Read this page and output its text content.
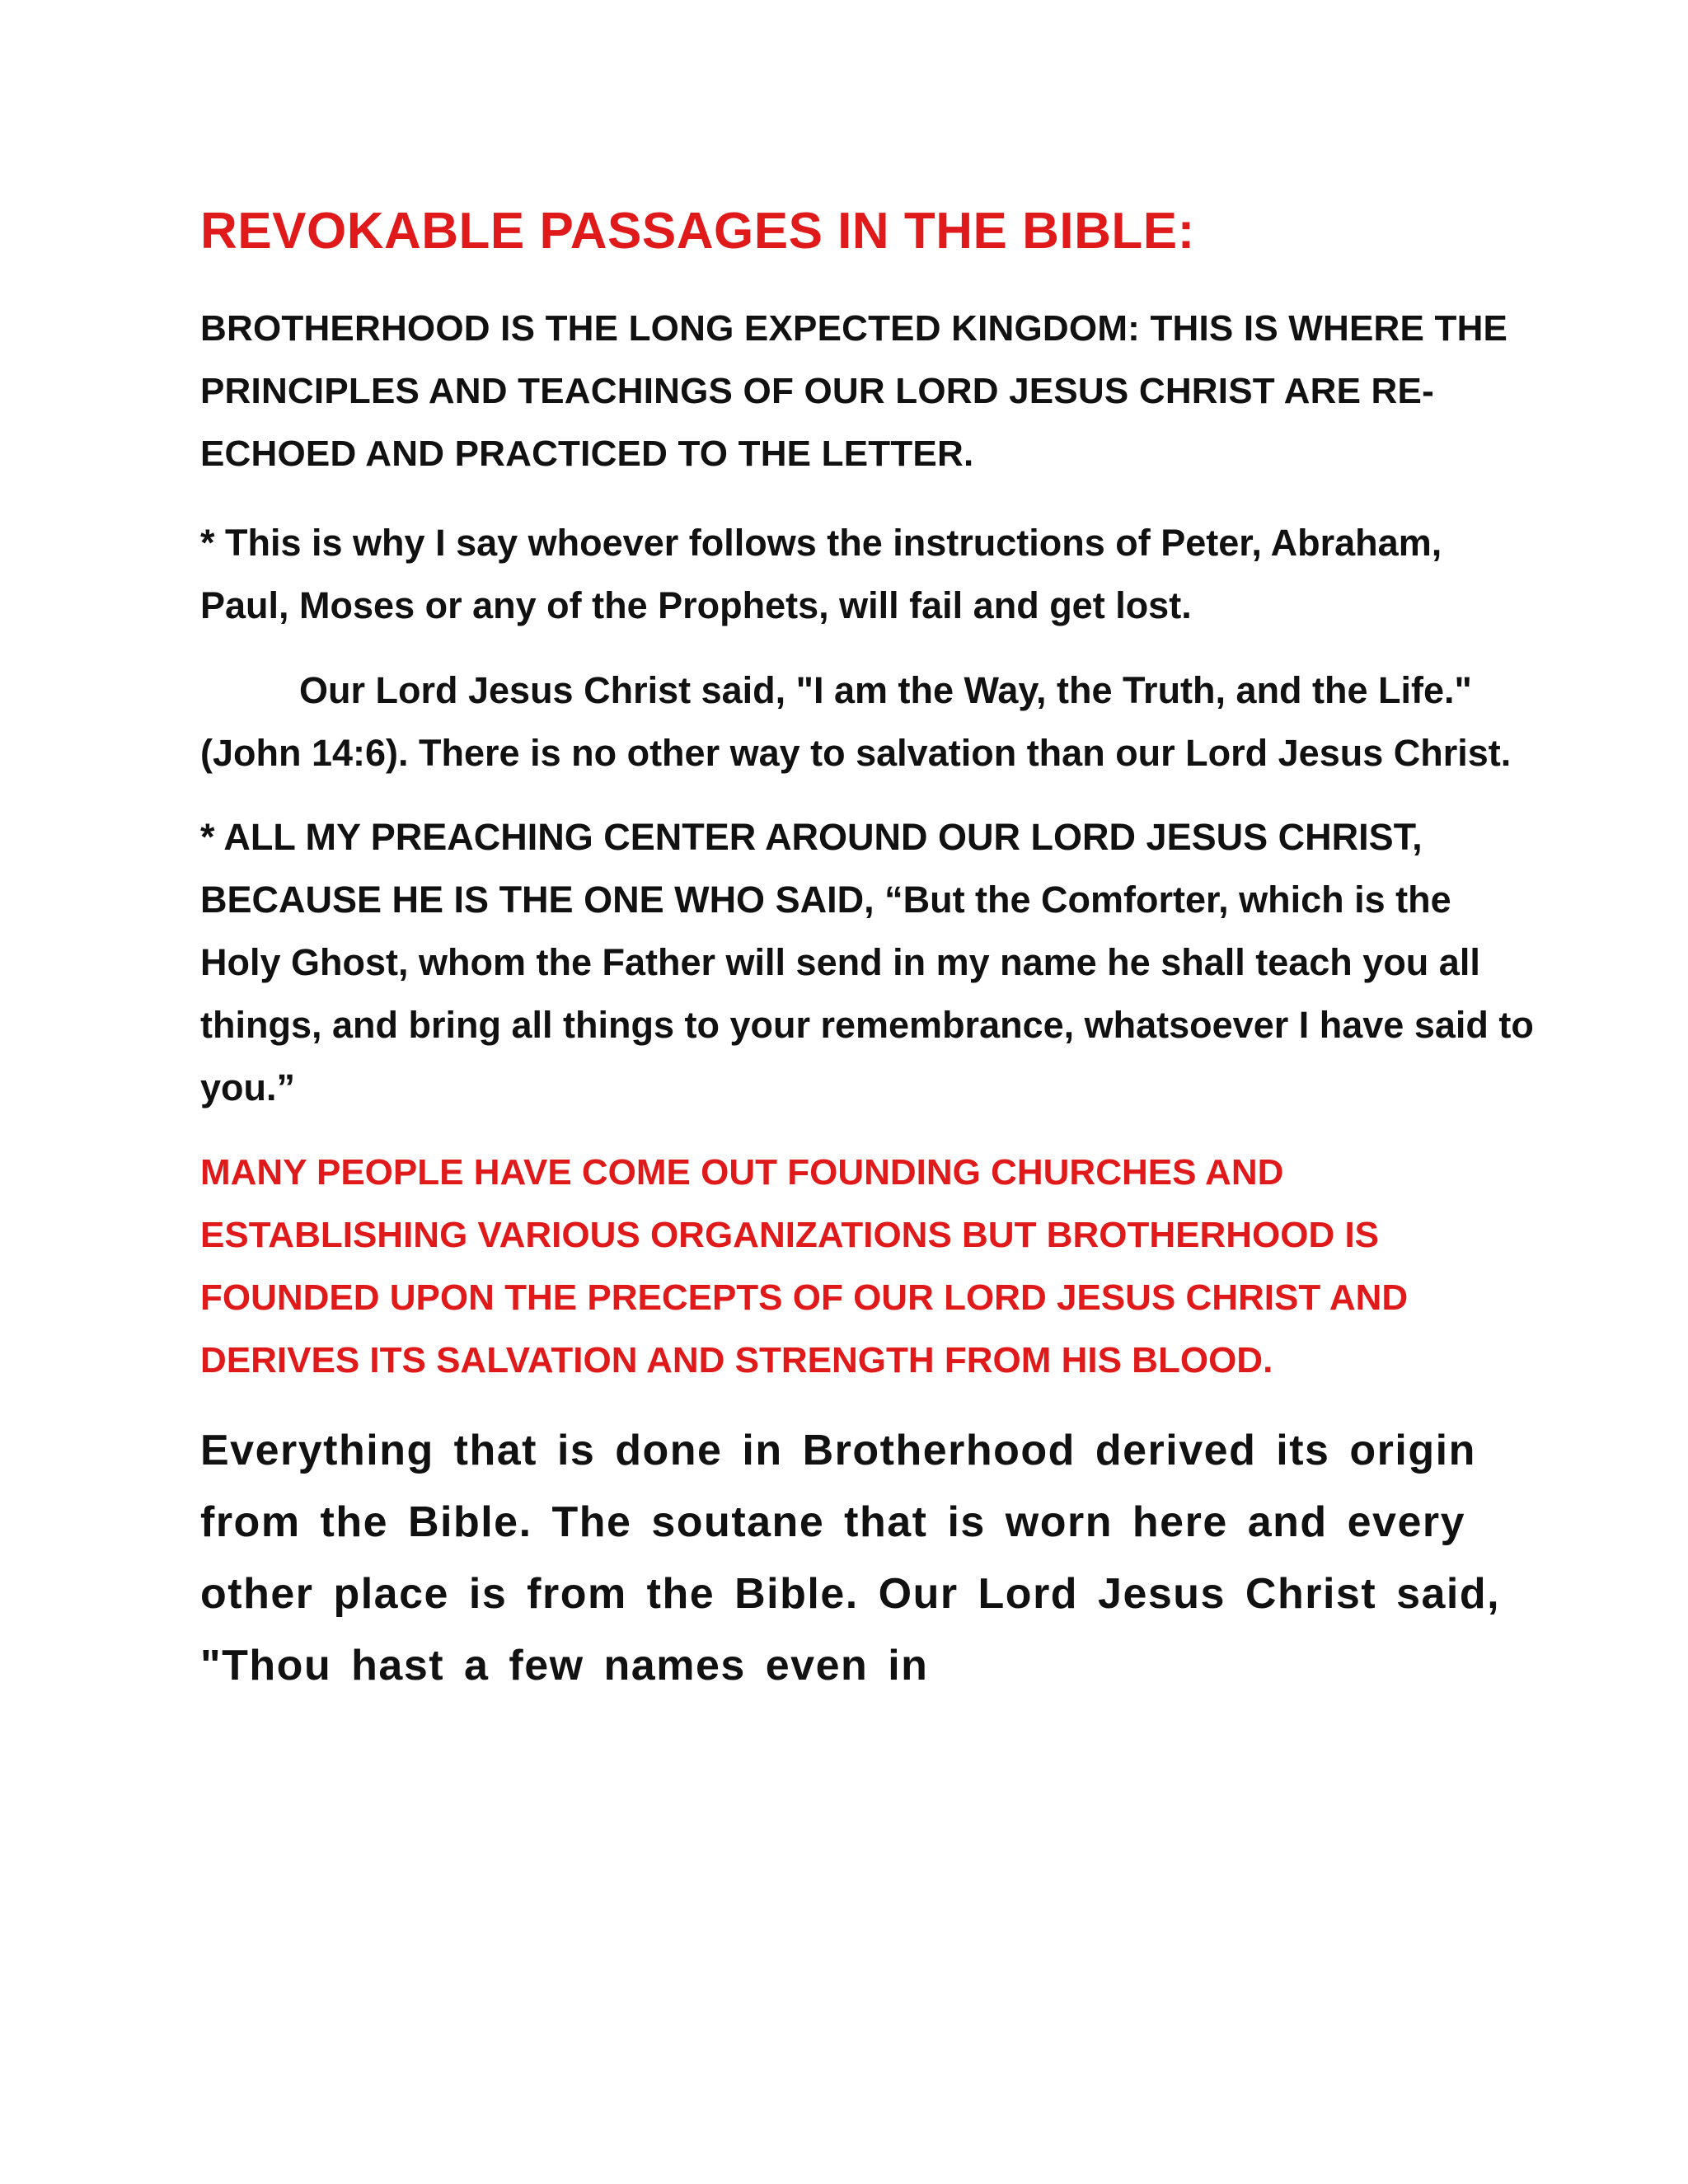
REVOKABLE PASSAGES IN THE BIBLE:

BROTHERHOOD IS THE LONG EXPECTED KINGDOM: THIS IS WHERE THE PRINCIPLES AND TEACHINGS OF OUR LORD JESUS CHRIST ARE RE-ECHOED AND PRACTICED TO THE LETTER.

* This is why I say whoever follows the instructions of Peter, Abraham, Paul, Moses or any of the Prophets, will fail and get lost.

Our Lord Jesus Christ said, "I am the Way, the Truth, and the Life."(John 14:6). There is no other way to salvation than our Lord Jesus Christ.

* ALL MY PREACHING CENTER AROUND OUR LORD JESUS CHRIST, BECAUSE HE IS THE ONE WHO SAID, “But the Comforter, which is the Holy Ghost, whom the Father will send in my name he shall teach you all things, and bring all things to your remembrance, whatsoever I have said to you.”

MANY PEOPLE HAVE COME OUT FOUNDING CHURCHES AND ESTABLISHING VARIOUS ORGANIZATIONS BUT BROTHERHOOD IS FOUNDED UPON THE PRECEPTS OF OUR LORD JESUS CHRIST AND DERIVES ITS SALVATION AND STRENGTH FROM HIS BLOOD.

Everything that is done in Brotherhood derived its origin from the Bible. The soutane that is worn here and every other place is from the Bible. Our Lord Jesus Christ said, "Thou hast a few names even in
